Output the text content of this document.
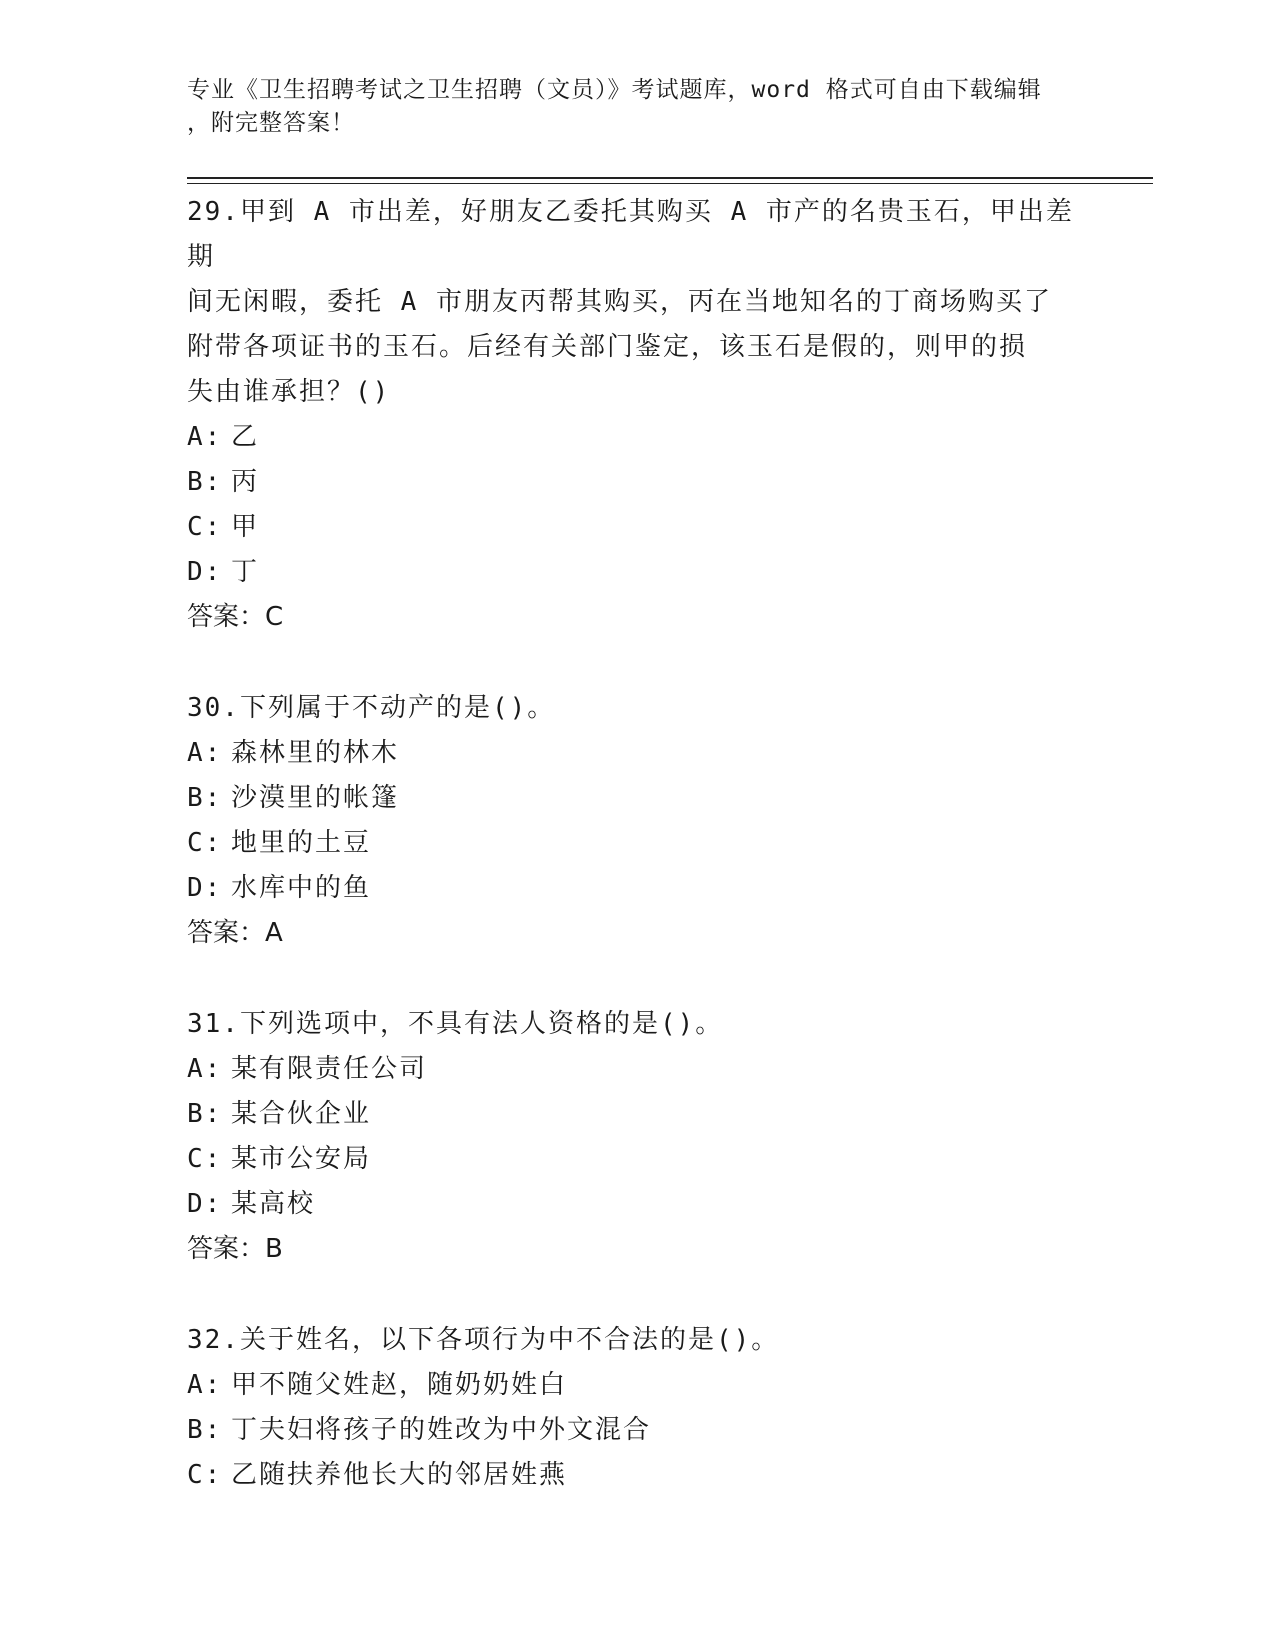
专业《卫生招聘考试之卫生招聘（文员）》考试题库，word 格式可自由下载编辑
，附完整答案！

29.甲到 A 市出差，好朋友乙委托其购买 A 市产的名贵玉石，甲出差期

间无闲暇，委托 A 市朋友丙帮其购买，丙在当地知名的丁商场购买了

附带各项证书的玉石。后经有关部门鉴定，该玉石是假的，则甲的损

失由谁承担？()

A: 乙

B: 丙

C: 甲

D: 丁

答案：C

30.下列属于不动产的是()。

A: 森林里的林木

B: 沙漠里的帐篷

C: 地里的土豆

D: 水库中的鱼

答案：A

31.下列选项中，不具有法人资格的是()。

A: 某有限责任公司

B: 某合伙企业

C: 某市公安局

D: 某高校

答案：B

32.关于姓名，以下各项行为中不合法的是()。

A: 甲不随父姓赵，随奶奶姓白

B: 丁夫妇将孩子的姓改为中外文混合

C: 乙随扶养他长大的邻居姓燕
